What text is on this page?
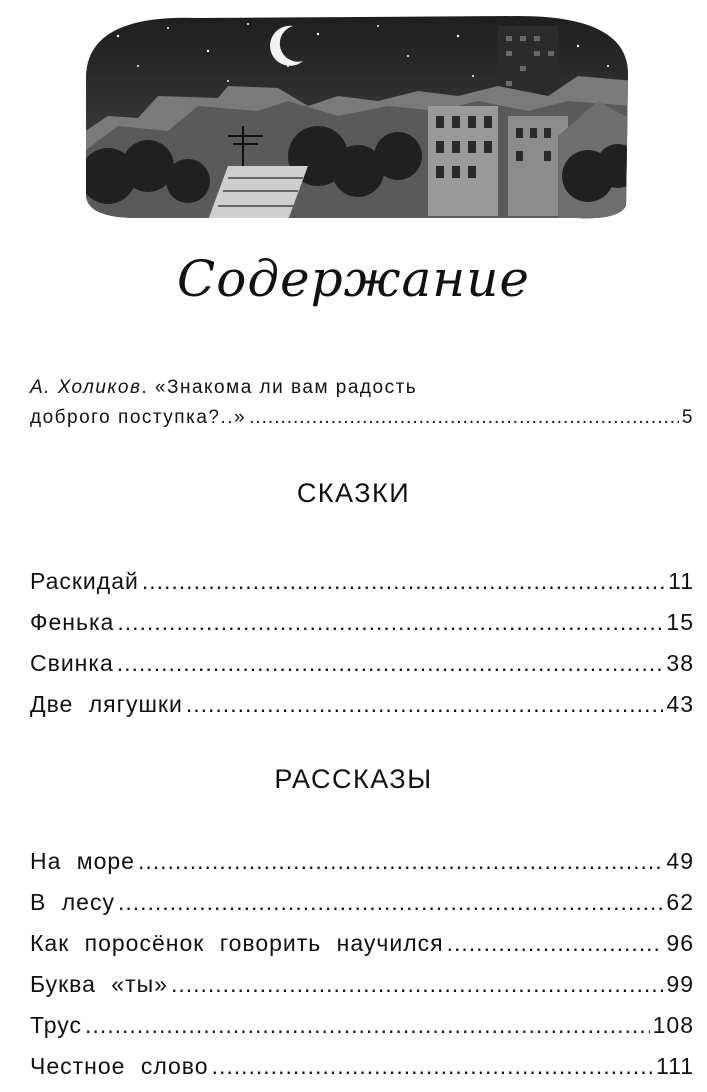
Содержание
А. Холиков. «Знакома ли вам радость
доброго поступка?..» .....	5
СКАЗКИ
Раскидай .....	11
Фенька .....	15
Свинка .....	38
Две лягушки .....	43
РАССКАЗЫ
На море .....	49
В лесу .....	62
Как поросёнок говорить научился .....	96
Буква «ты» .....	99
Трус .....	108
Честное слово .....	111
